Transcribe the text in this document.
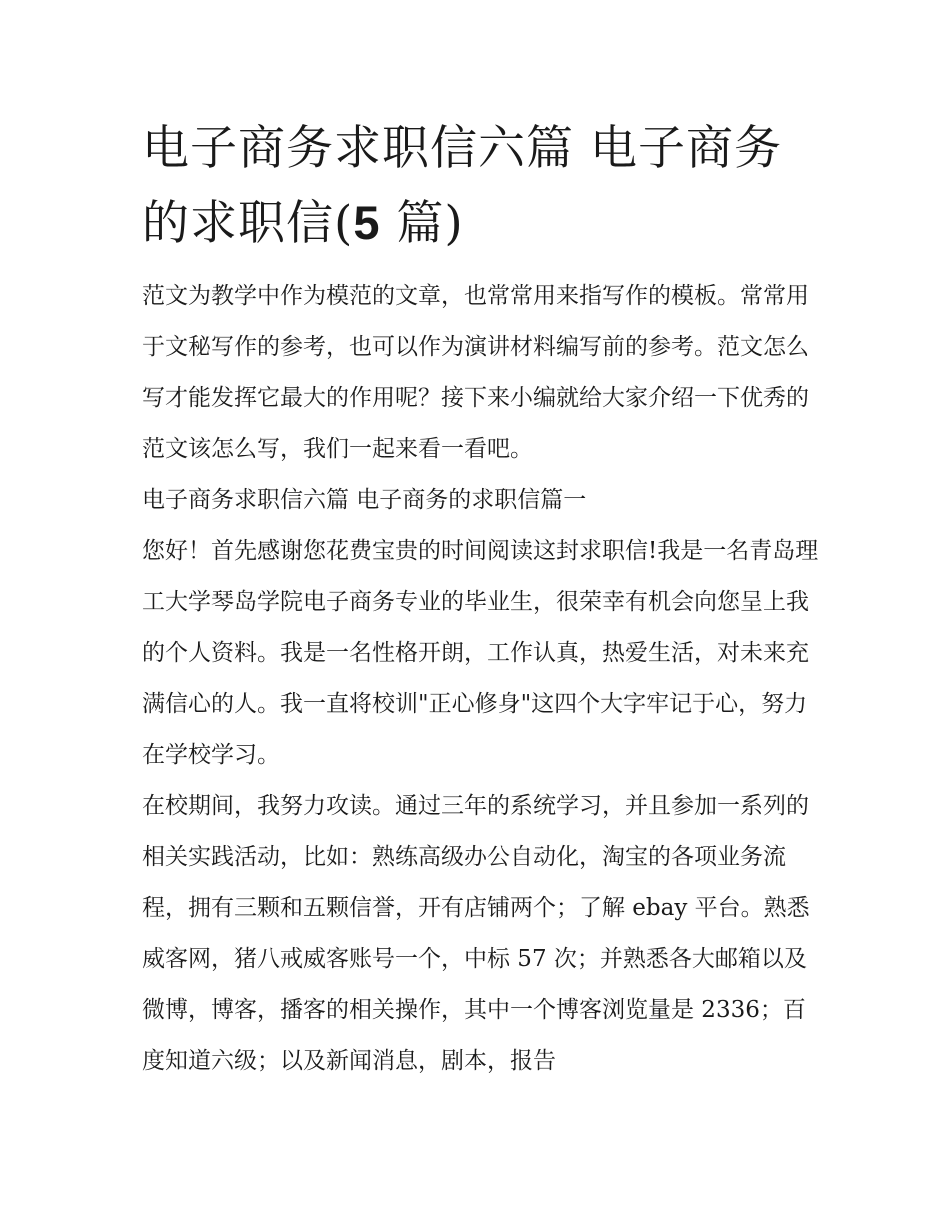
电子商务求职信六篇 电子商务的求职信(5 篇)

范文为教学中作为模范的文章，也常常用来指写作的模板。常常用于文秘写作的参考，也可以作为演讲材料编写前的参考。范文怎么写才能发挥它最大的作用呢？接下来小编就给大家介绍一下优秀的范文该怎么写，我们一起来看一看吧。

电子商务求职信六篇 电子商务的求职信篇一

您好！首先感谢您花费宝贵的时间阅读这封求职信!我是一名青岛理工大学琴岛学院电子商务专业的毕业生，很荣幸有机会向您呈上我的个人资料。我是一名性格开朗，工作认真，热爱生活，对未来充满信心的人。我一直将校训"正心修身"这四个大字牢记于心，努力在学校学习。

在校期间，我努力攻读。通过三年的系统学习，并且参加一系列的相关实践活动，比如：熟练高级办公自动化，淘宝的各项业务流程，拥有三颗和五颗信誉，开有店铺两个；了解 ebay 平台。熟悉威客网，猪八戒威客账号一个，中标 57 次；并熟悉各大邮箱以及微博，博客，播客的相关操作，其中一个博客浏览量是 2336；百度知道六级；以及新闻消息，剧本，报告
